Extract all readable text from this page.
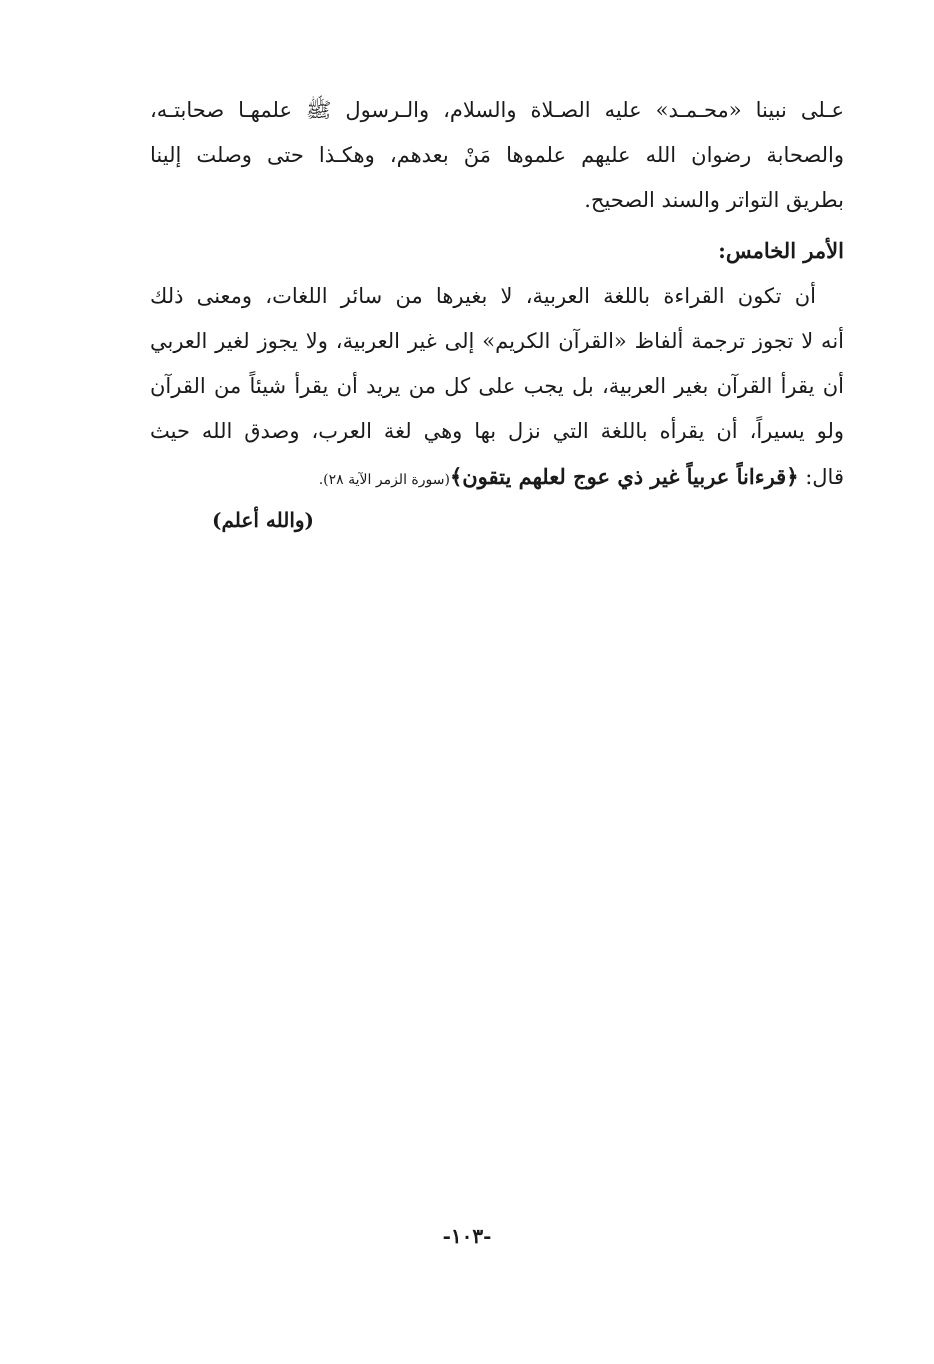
عـلى نبينا «محـمـد» عليه الصـلاة والسلام، والـرسول ﷺ علمهـا صحابتـه،
والصحابة رضوان الله عليهم علموها مَنْ بعدهم، وهكـذا حتى وصلت إلينا
بطريق التواتر والسند الصحيح.
الأمر الخامس:
أن تكون القراءة باللغة العربية، لا بغيرها من سائر اللغات، ومعنى ذلك
أنه لا تجوز ترجمة ألفاظ «القرآن الكريم» إلى غير العربية، ولا يجوز لغير العربي
أن يقرأ القرآن بغير العربية، بل يجب على كل من يريد أن يقرأ شيئاً من القرآن
ولو يسيراً، أن يقرأه باللغة التي نزل بها وهي لغة العرب، وصدق الله حيث
قال: ﴿قرءاناً عربياً غير ذي عوج لعلهم يتقون﴾(سورة الزمر الآية ٢٨).
(والله أعلم)
-١٠٣-
